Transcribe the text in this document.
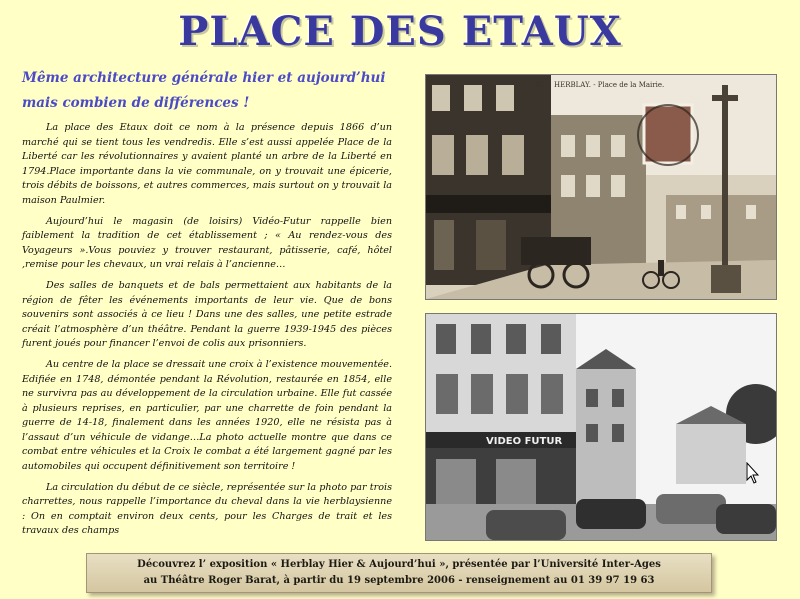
PLACE DES ETAUX
Même architecture générale hier et aujourd’hui
mais combien de différences !

La place des Etaux doit ce nom à la présence depuis 1866 d’un marché qui se tient tous les vendredis. Elle s’est aussi appelée Place de la Liberté car les révolutionnaires y avaient planté un arbre de la Liberté en 1794.Place importante dans la vie communale, on y trouvait une épicerie, trois débits de boissons, et autres commerces, mais surtout on y trouvait la maison Paulmier.

Aujourd’hui le magasin (de loisirs) Vidéo-Futur rappelle bien faiblement la tradition de cet établissement ; « Au rendez-vous des Voyageurs ».Vous pouviez y trouver restaurant, pâtisserie, café, hôtel ,remise pour les chevaux, un vrai relais à l’ancienne…

Des salles de banquets et de bals permettaient aux habitants de la région de fêter les événements importants de leur vie. Que de bons souvenirs sont associés à ce lieu ! Dans une des salles, une petite estrade créait l’atmosphère d’un théâtre. Pendant la guerre 1939-1945 des pièces furent joués pour financer l’envoi de colis aux prisonniers.

Au centre de la place se dressait une croix à l’existence mouvementée. Edifiée en 1748, démontée pendant la Révolution, restaurée en 1854, elle ne survivra pas au développement de la circulation urbaine. Elle fut cassée à plusieurs reprises, en particulier, par une charrette de foin pendant la guerre de 14-18, finalement dans les années 1920, elle ne résista pas à l’assaut d’un véhicule de vidange…La photo actuelle montre que dans ce combat entre véhicules et la Croix le combat a été largement gagné par les automobiles qui occupent définitivement son territoire !

La circulation du début de ce siècle, représentée sur la photo par trois charrettes, nous rappelle l’importance du cheval dans la vie herblaysienne : On en comptait environ deux cents, pour les Charges de trait et les travaux des champs

81 HERBLAY. - Place de la Mairie.
VIDEO FUTUR
Découvrez l’ exposition « Herblay Hier & Aujourd’hui », présentée par l’Université Inter-Ages
au Théâtre Roger Barat, à partir du 19 septembre 2006 - renseignement au 01 39 97 19 63
